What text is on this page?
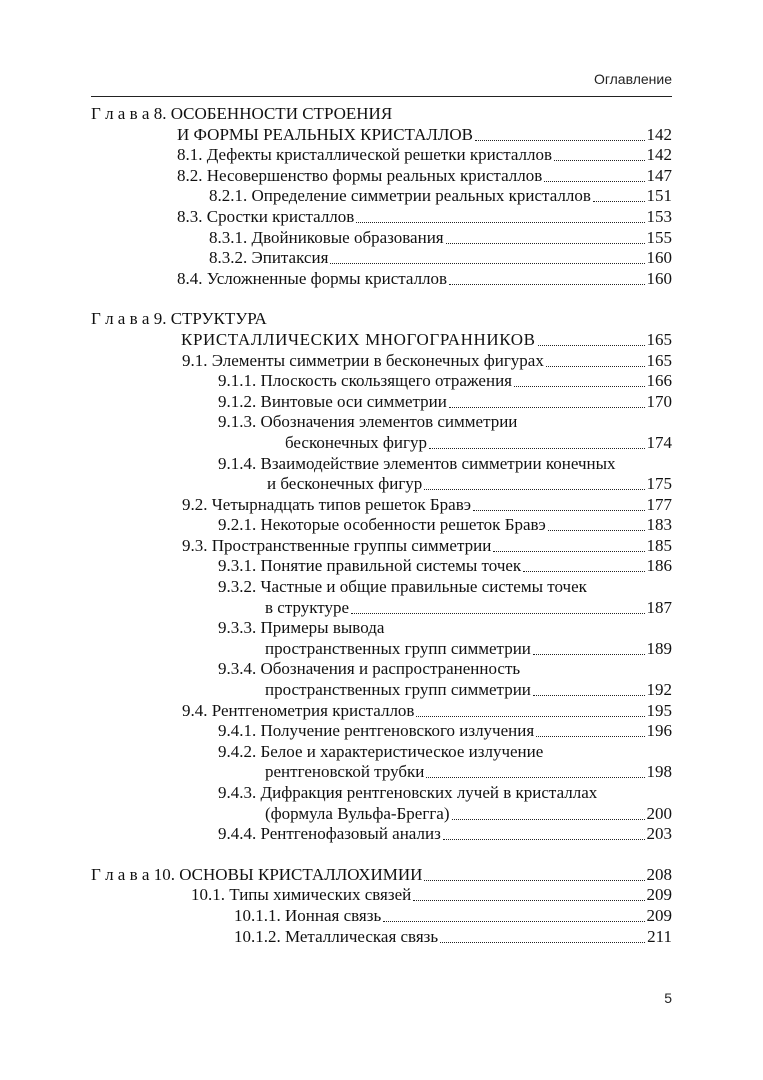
Оглавление
Г л а в а 8. ОСОБЕННОСТИ СТРОЕНИЯ
И ФОРМЫ РЕАЛЬНЫХ КРИСТАЛЛОВ	142
8.1. Дефекты кристаллической решетки кристаллов	142
8.2. Несовершенство формы реальных кристаллов	147
8.2.1. Определение симметрии реальных кристаллов	151
8.3. Сростки кристаллов	153
8.3.1. Двойниковые образования	155
8.3.2. Эпитаксия	160
8.4. Усложненные формы кристаллов	160
Г л а в а 9. СТРУКТУРА
КРИСТАЛЛИЧЕСКИХ МНОГОГРАННИКОВ	165
9.1. Элементы симметрии в бесконечных фигурах	165
9.1.1. Плоскость скользящего отражения	166
9.1.2. Винтовые оси симметрии	170
9.1.3. Обозначения элементов симметрии
бесконечных фигур	174
9.1.4. Взаимодействие элементов симметрии конечных
и бесконечных фигур	175
9.2. Четырнадцать типов решеток Бравэ	177
9.2.1. Некоторые особенности решеток Бравэ	183
9.3. Пространственные группы симметрии	185
9.3.1. Понятие правильной системы точек	186
9.3.2. Частные и общие правильные системы точек
в структуре	187
9.3.3. Примеры вывода
пространственных групп симметрии	189
9.3.4. Обозначения и распространенность
пространственных групп симметрии	192
9.4. Рентгенометрия кристаллов	195
9.4.1. Получение рентгеновского излучения	196
9.4.2. Белое и характеристическое излучение
рентгеновской трубки	198
9.4.3. Дифракция рентгеновских лучей в кристаллах
(формула Вульфа-Брегга)	200
9.4.4. Рентгенофазовый анализ	203
Г л а в а 10. ОСНОВЫ КРИСТАЛЛОХИМИИ	208
10.1. Типы химических связей	209
10.1.1. Ионная связь	209
10.1.2. Металлическая связь	211
5
